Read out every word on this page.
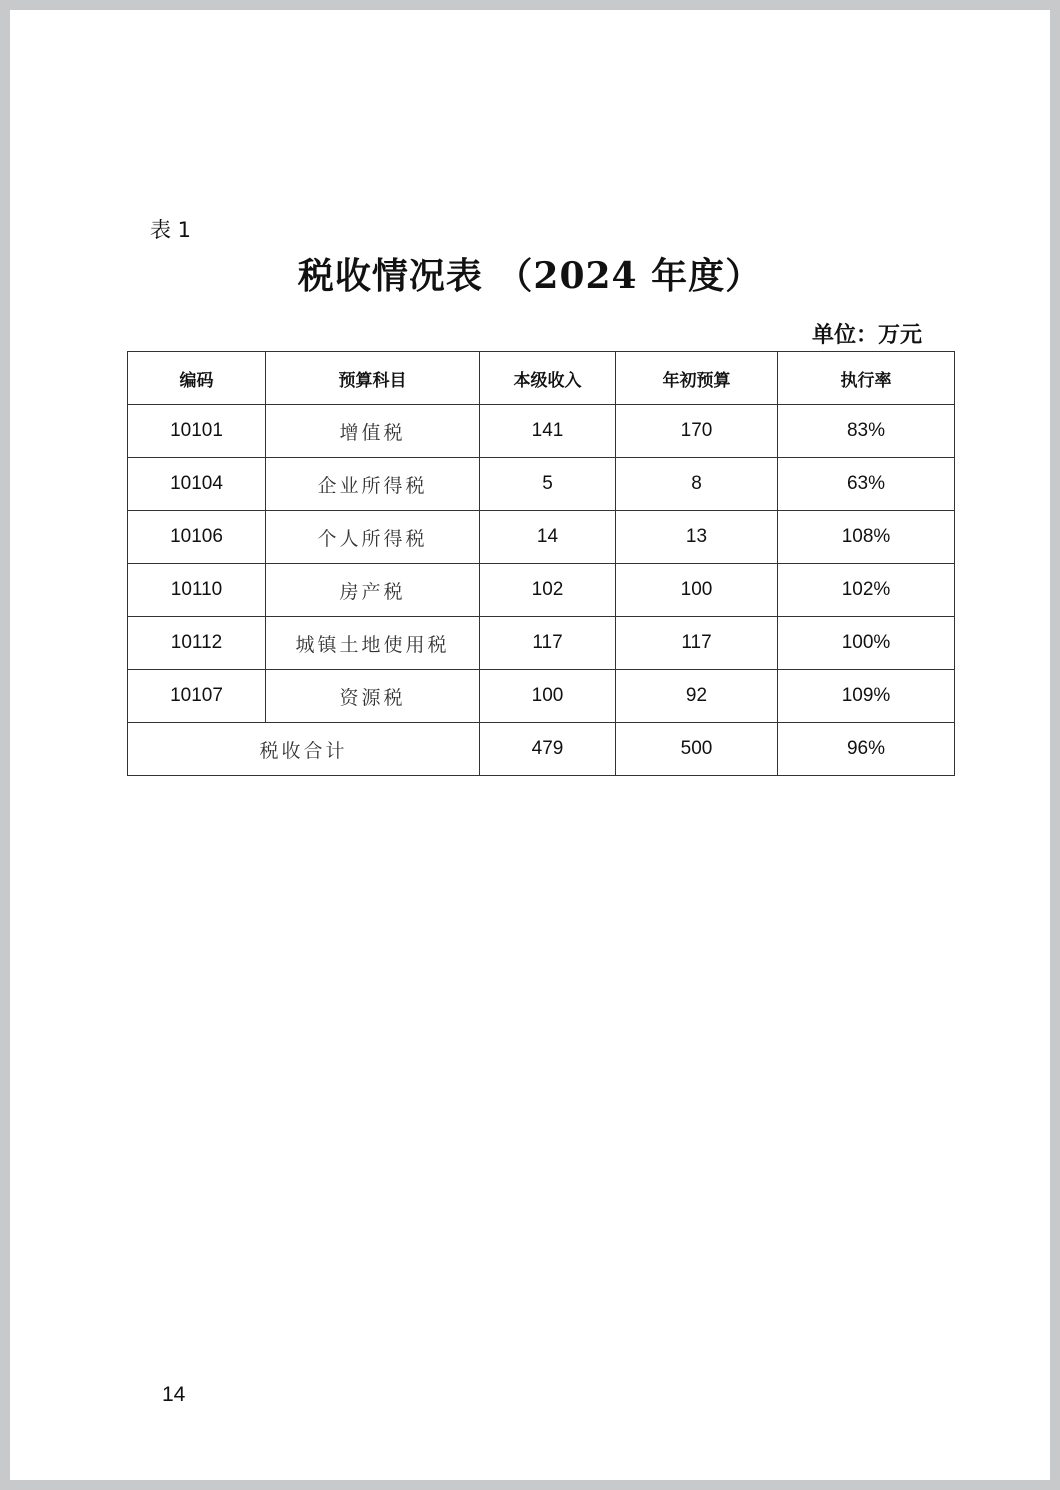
表 1
税收情况表 （2024 年度）
单位：万元
编码	预算科目	本级收入	年初预算	执行率
10101	增值税	141	170	83%
10104	企业所得税	5	8	63%
10106	个人所得税	14	13	108%
10110	房产税	102	100	102%
10112	城镇土地使用税	117	117	100%
10107	资源税	100	92	109%
税收合计		479	500	96%
14
